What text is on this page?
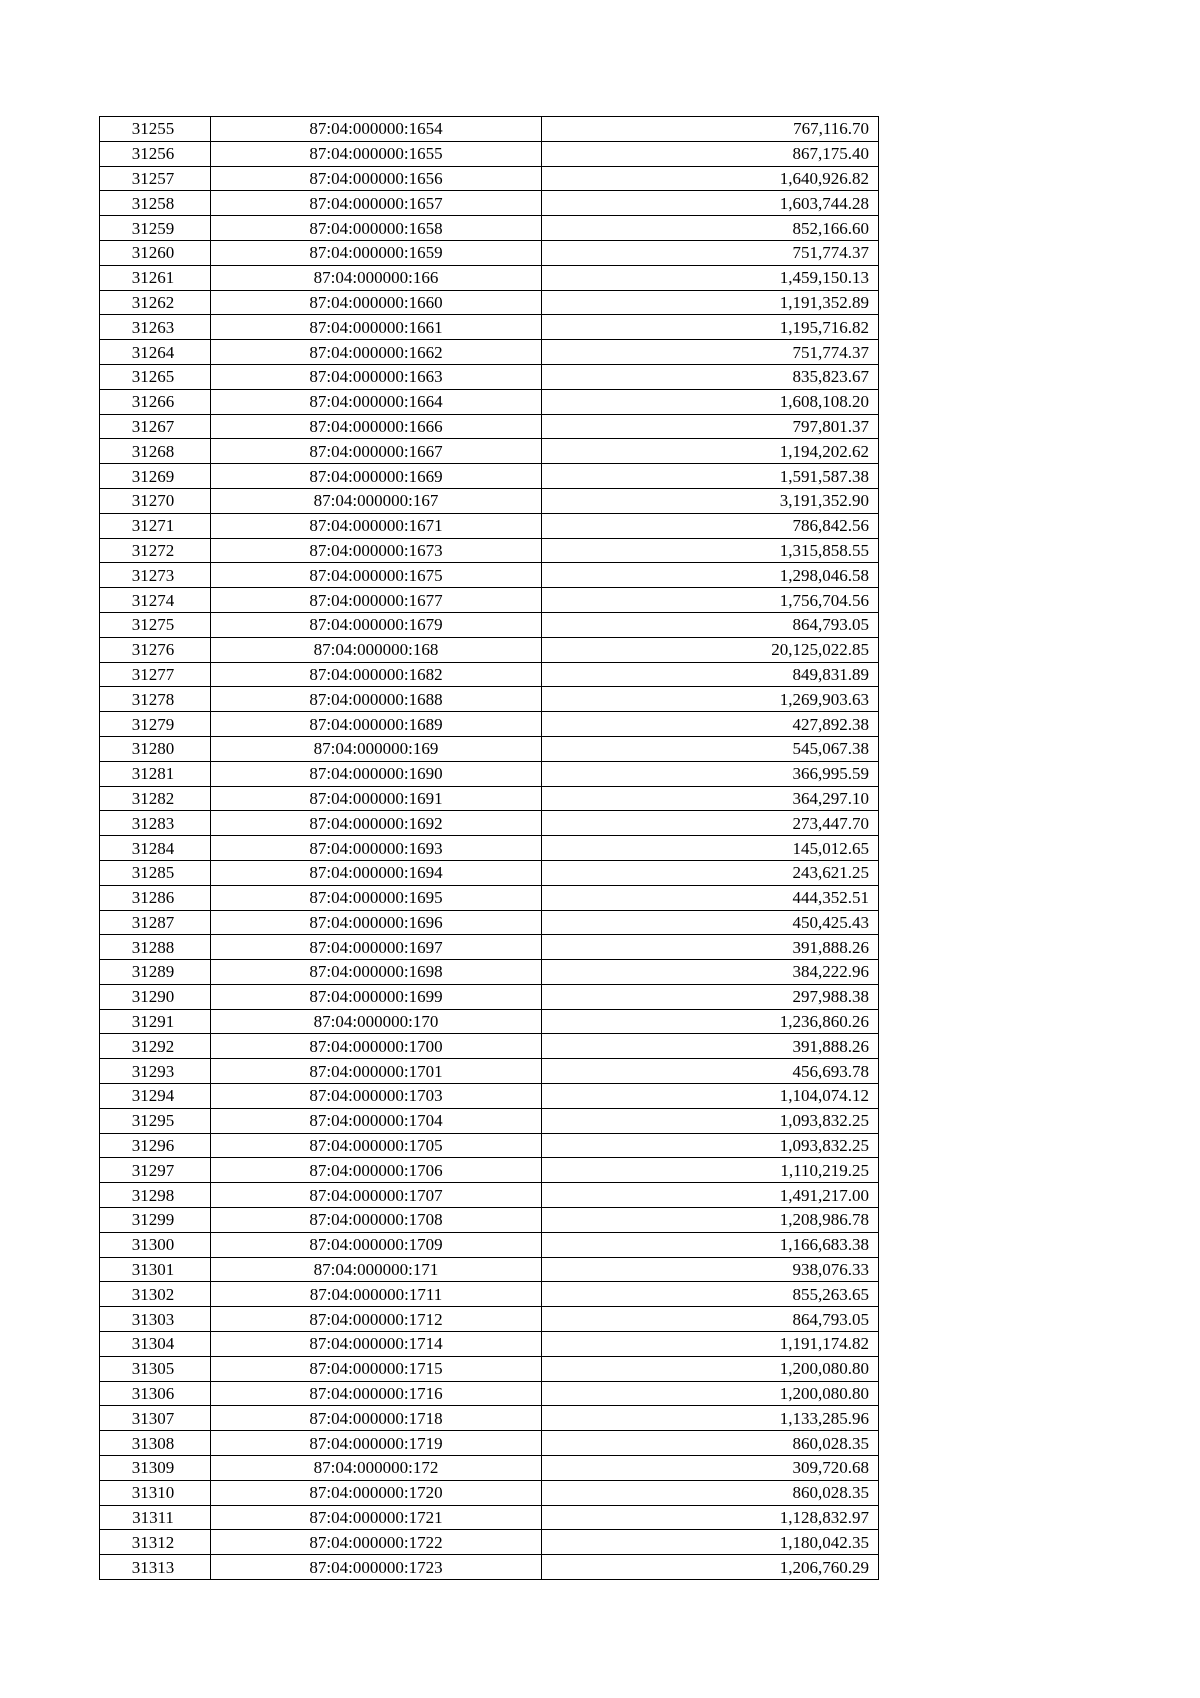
31255	87:04:000000:1654	767,116.70
31256	87:04:000000:1655	867,175.40
31257	87:04:000000:1656	1,640,926.82
31258	87:04:000000:1657	1,603,744.28
31259	87:04:000000:1658	852,166.60
31260	87:04:000000:1659	751,774.37
31261	87:04:000000:166	1,459,150.13
31262	87:04:000000:1660	1,191,352.89
31263	87:04:000000:1661	1,195,716.82
31264	87:04:000000:1662	751,774.37
31265	87:04:000000:1663	835,823.67
31266	87:04:000000:1664	1,608,108.20
31267	87:04:000000:1666	797,801.37
31268	87:04:000000:1667	1,194,202.62
31269	87:04:000000:1669	1,591,587.38
31270	87:04:000000:167	3,191,352.90
31271	87:04:000000:1671	786,842.56
31272	87:04:000000:1673	1,315,858.55
31273	87:04:000000:1675	1,298,046.58
31274	87:04:000000:1677	1,756,704.56
31275	87:04:000000:1679	864,793.05
31276	87:04:000000:168	20,125,022.85
31277	87:04:000000:1682	849,831.89
31278	87:04:000000:1688	1,269,903.63
31279	87:04:000000:1689	427,892.38
31280	87:04:000000:169	545,067.38
31281	87:04:000000:1690	366,995.59
31282	87:04:000000:1691	364,297.10
31283	87:04:000000:1692	273,447.70
31284	87:04:000000:1693	145,012.65
31285	87:04:000000:1694	243,621.25
31286	87:04:000000:1695	444,352.51
31287	87:04:000000:1696	450,425.43
31288	87:04:000000:1697	391,888.26
31289	87:04:000000:1698	384,222.96
31290	87:04:000000:1699	297,988.38
31291	87:04:000000:170	1,236,860.26
31292	87:04:000000:1700	391,888.26
31293	87:04:000000:1701	456,693.78
31294	87:04:000000:1703	1,104,074.12
31295	87:04:000000:1704	1,093,832.25
31296	87:04:000000:1705	1,093,832.25
31297	87:04:000000:1706	1,110,219.25
31298	87:04:000000:1707	1,491,217.00
31299	87:04:000000:1708	1,208,986.78
31300	87:04:000000:1709	1,166,683.38
31301	87:04:000000:171	938,076.33
31302	87:04:000000:1711	855,263.65
31303	87:04:000000:1712	864,793.05
31304	87:04:000000:1714	1,191,174.82
31305	87:04:000000:1715	1,200,080.80
31306	87:04:000000:1716	1,200,080.80
31307	87:04:000000:1718	1,133,285.96
31308	87:04:000000:1719	860,028.35
31309	87:04:000000:172	309,720.68
31310	87:04:000000:1720	860,028.35
31311	87:04:000000:1721	1,128,832.97
31312	87:04:000000:1722	1,180,042.35
31313	87:04:000000:1723	1,206,760.29
